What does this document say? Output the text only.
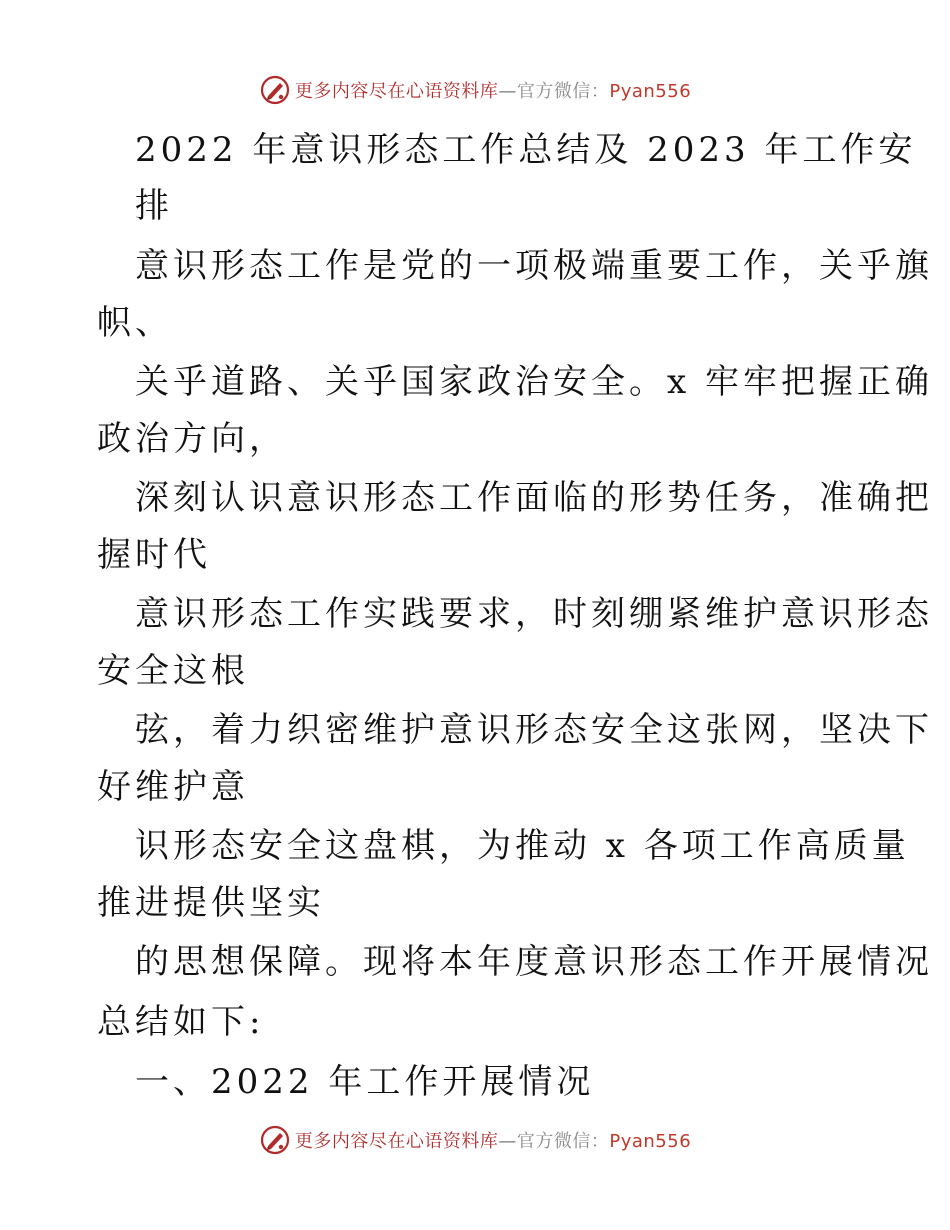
更多内容尽在心语资料库—官方微信：Pyan556
2022 年意识形态工作总结及 2023 年工作安
排
意识形态工作是党的一项极端重要工作，关乎旗
帜、
关乎道路、关乎国家政治安全。x 牢牢把握正确
政治方向，
深刻认识意识形态工作面临的形势任务，准确把
握时代
意识形态工作实践要求，时刻绷紧维护意识形态
安全这根
弦，着力织密维护意识形态安全这张网，坚决下
好维护意
识形态安全这盘棋，为推动 x 各项工作高质量
推进提供坚实
的思想保障。现将本年度意识形态工作开展情况
总结如下:
一、2022 年工作开展情况
更多内容尽在心语资料库—官方微信：Pyan556
